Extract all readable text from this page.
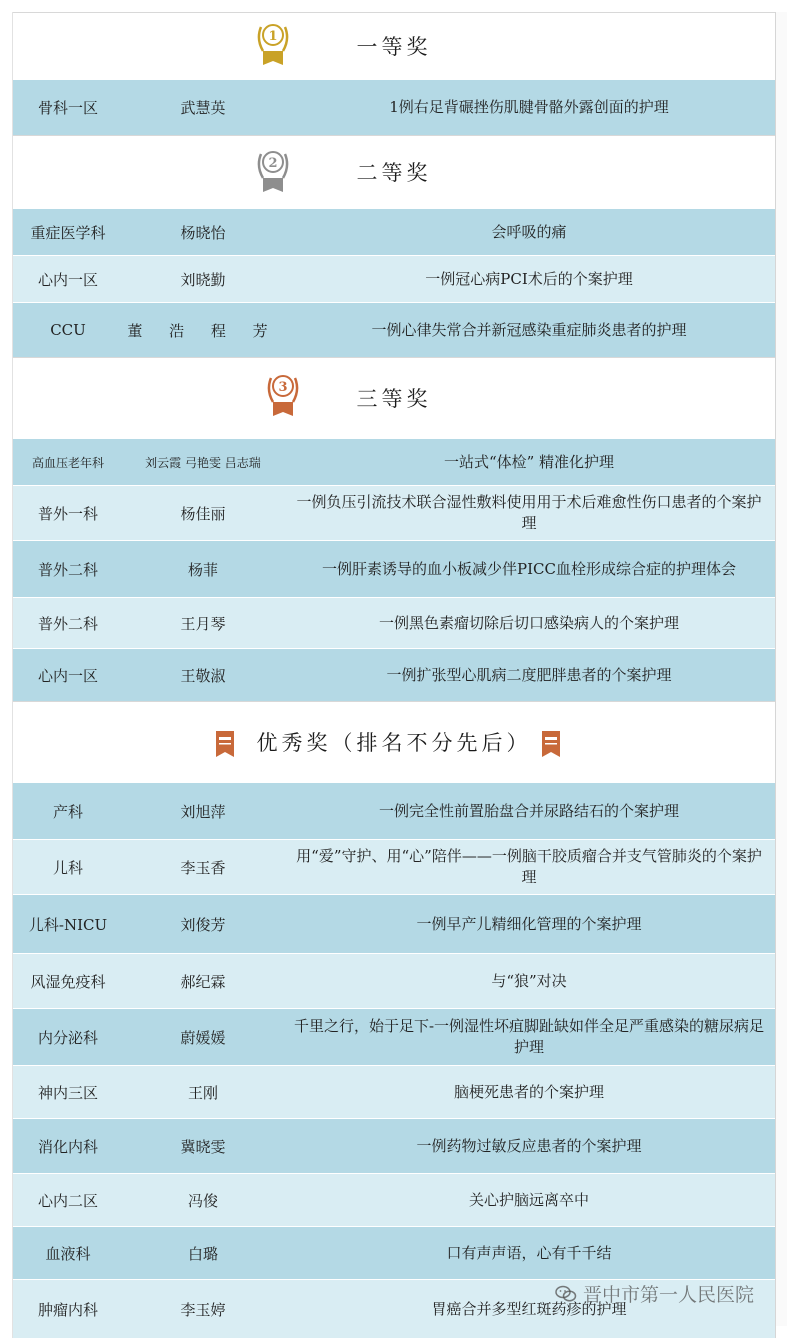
1	一等奖
骨科一区	武慧英	1例右足背碾挫伤肌腱骨骼外露创面的护理
2	二等奖
重症医学科	杨晓怡	会呼吸的痛
心内一区	刘晓勤	一例冠心病PCI术后的个案护理
CCU	董 浩 程 芳	一例心律失常合并新冠感染重症肺炎患者的护理
3	三等奖
高血压老年科	刘云霞 弓艳雯 吕志瑞	一站式“体检” 精准化护理
普外一科	杨佳丽
一例负压引流技术联合湿性敷料使用用于术后难愈性伤口患者的个案护理
普外二科	杨菲	一例肝素诱导的血小板减少伴PICC血栓形成综合症的护理体会
普外二科	王月琴	一例黑色素瘤切除后切口感染病人的个案护理
心内一区	王敬淑	一例扩张型心肌病二度肥胖患者的个案护理
优秀奖（排名不分先后）
产科	刘旭萍	一例完全性前置胎盘合并尿路结石的个案护理
儿科	李玉香
用“爱”守护、用“心”陪伴——一例脑干胶质瘤合并支气管肺炎的个案护理
儿科-NICU	刘俊芳	一例早产儿精细化管理的个案护理
风湿免疫科	郝纪霖	与“狼”对决
内分泌科	蔚媛媛
千里之行，始于足下-一例湿性坏疽脚趾缺如伴全足严重感染的糖尿病足护理
神内三区	王刚	脑梗死患者的个案护理
消化内科	冀晓雯	一例药物过敏反应患者的个案护理
心内二区	冯俊	关心护脑远离卒中
血液科	白璐	口有声声语，心有千千结
肿瘤内科	李玉婷	胃癌合并多型红斑药疹的护理
晋中市第一人民医院
